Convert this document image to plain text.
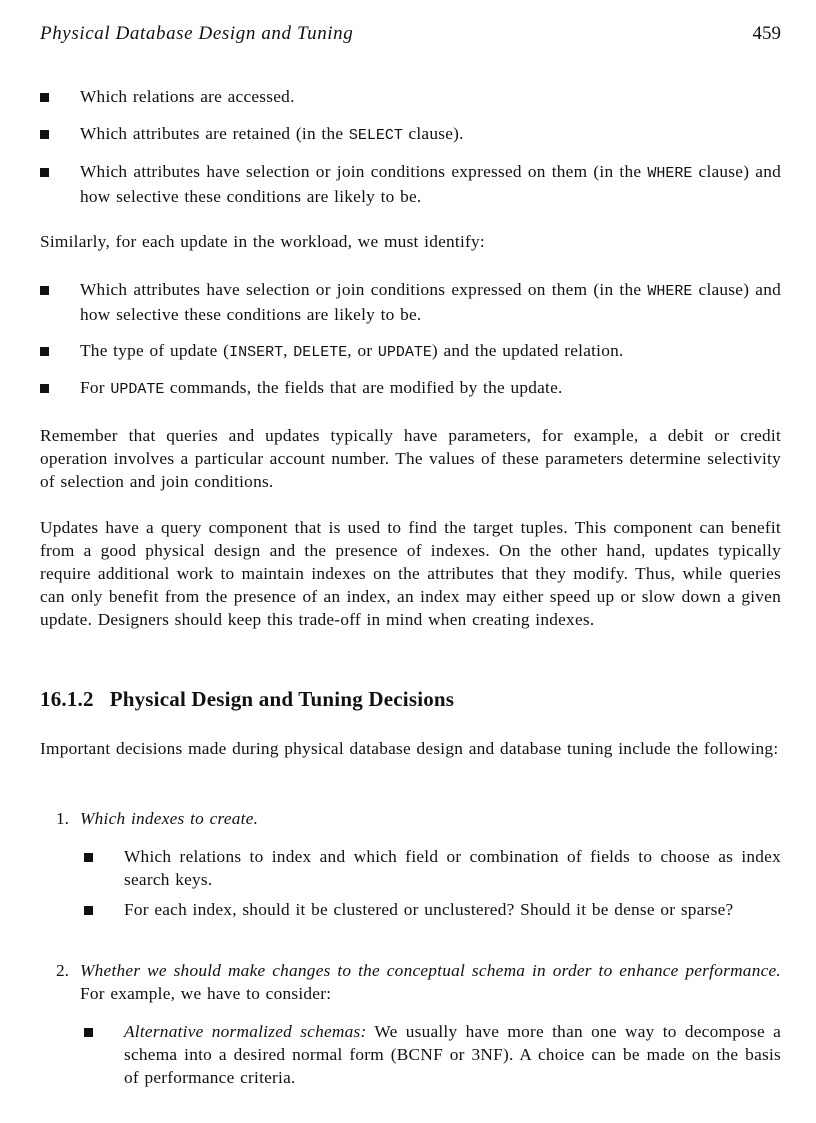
Physical Database Design and Tuning	459
Which relations are accessed.
Which attributes are retained (in the SELECT clause).
Which attributes have selection or join conditions expressed on them (in the WHERE clause) and how selective these conditions are likely to be.
Similarly, for each update in the workload, we must identify:
Which attributes have selection or join conditions expressed on them (in the WHERE clause) and how selective these conditions are likely to be.
The type of update (INSERT, DELETE, or UPDATE) and the updated relation.
For UPDATE commands, the fields that are modified by the update.
Remember that queries and updates typically have parameters, for example, a debit or credit operation involves a particular account number. The values of these parameters determine selectivity of selection and join conditions.
Updates have a query component that is used to find the target tuples. This component can benefit from a good physical design and the presence of indexes. On the other hand, updates typically require additional work to maintain indexes on the attributes that they modify. Thus, while queries can only benefit from the presence of an index, an index may either speed up or slow down a given update. Designers should keep this trade-off in mind when creating indexes.
16.1.2 Physical Design and Tuning Decisions
Important decisions made during physical database design and database tuning include the following:
1. Which indexes to create.
Which relations to index and which field or combination of fields to choose as index search keys.
For each index, should it be clustered or unclustered? Should it be dense or sparse?
2. Whether we should make changes to the conceptual schema in order to enhance performance. For example, we have to consider:
Alternative normalized schemas: We usually have more than one way to decompose a schema into a desired normal form (BCNF or 3NF). A choice can be made on the basis of performance criteria.
